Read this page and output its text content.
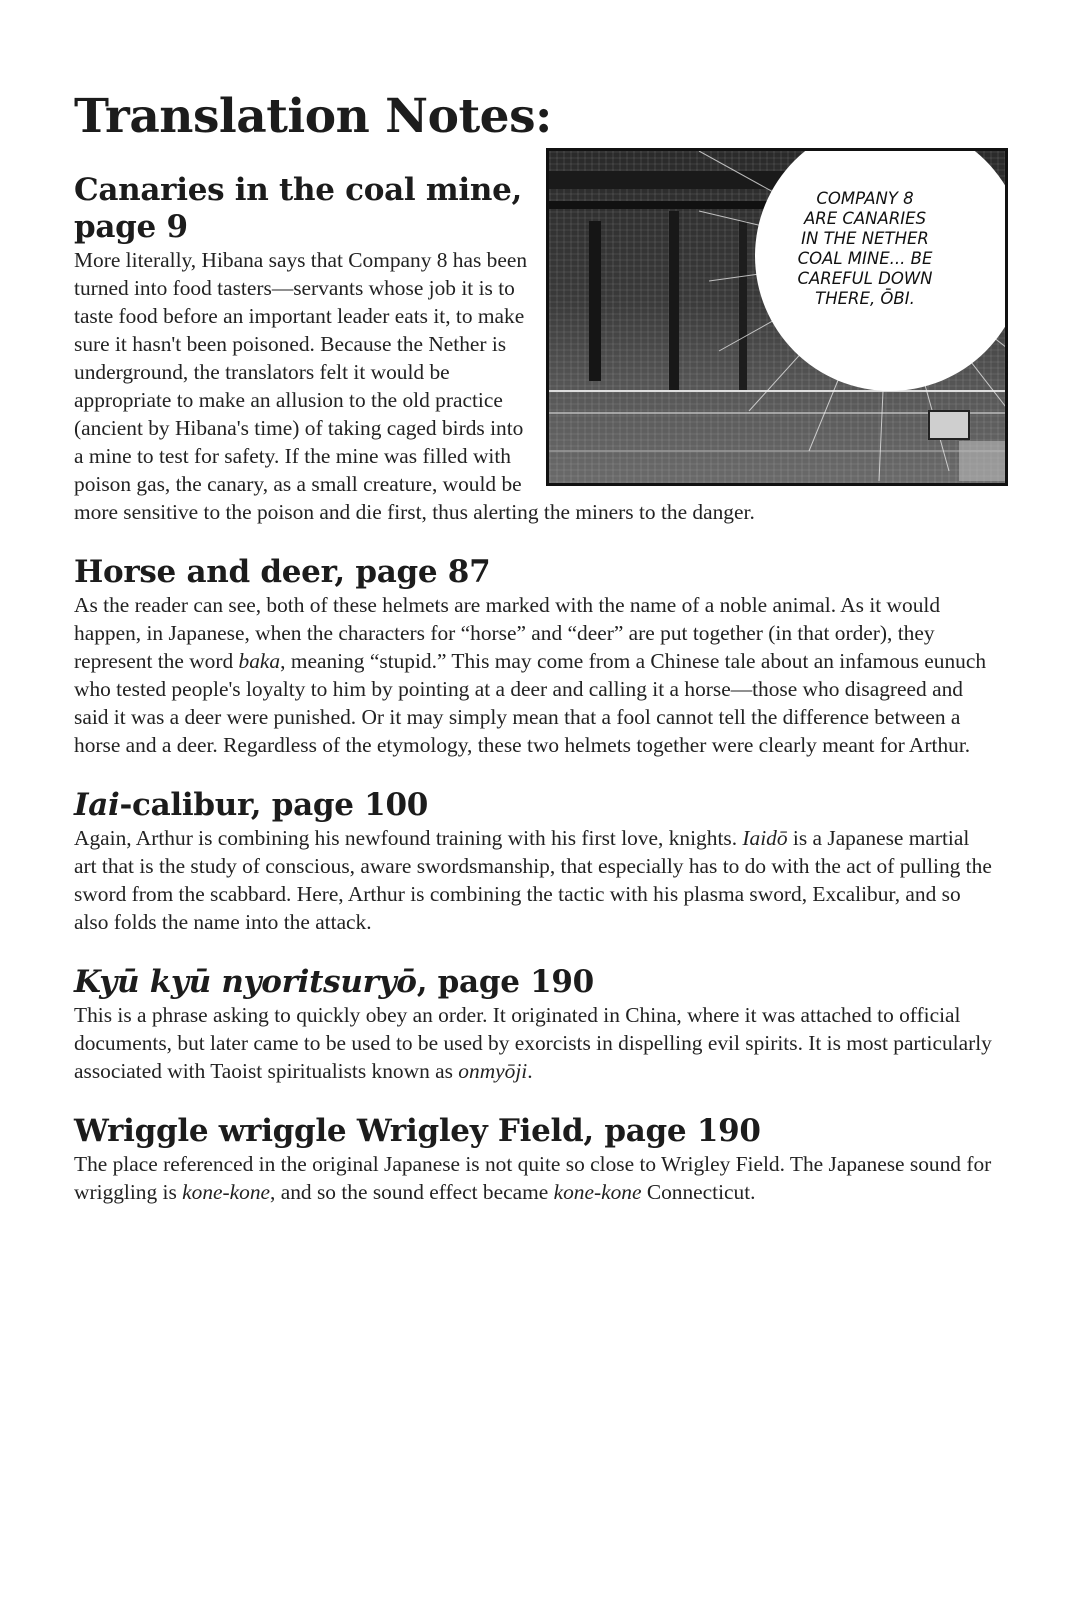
Translation Notes:
COMPANY 8
ARE CANARIES
IN THE NETHER
COAL MINE... BE
CAREFUL DOWN
THERE, ŌBI.
Canaries in the coal mine, page 9

More literally, Hibana says that Company 8 has been turned into food tasters—servants whose job it is to taste food before an important leader eats it, to make sure it hasn't been poisoned. Because the Nether is underground, the translators felt it would be appropriate to make an allusion to the old practice (ancient by Hibana's time) of taking caged birds into a mine to test for safety. If the mine was filled with poison gas, the canary, as a small creature, would be more sensitive to the poison and die first, thus alerting the miners to the danger.

Horse and deer, page 87

As the reader can see, both of these helmets are marked with the name of a noble animal. As it would happen, in Japanese, when the characters for “horse” and “deer” are put together (in that order), they represent the word baka, meaning “stupid.” This may come from a Chinese tale about an infamous eunuch who tested people's loyalty to him by pointing at a deer and calling it a horse—those who disagreed and said it was a deer were punished. Or it may simply mean that a fool cannot tell the difference between a horse and a deer. Regardless of the etymology, these two helmets together were clearly meant for Arthur.

Iai-calibur, page 100

Again, Arthur is combining his newfound training with his first love, knights. Iaidō is a Japanese martial art that is the study of conscious, aware swordsmanship, that especially has to do with the act of pulling the sword from the scabbard. Here, Arthur is combining the tactic with his plasma sword, Excalibur, and so also folds the name into the attack.

Kyū kyū nyoritsuryō, page 190

This is a phrase asking to quickly obey an order. It originated in China, where it was attached to official documents, but later came to be used to be used by exorcists in dispelling evil spirits. It is most particularly associated with Taoist spiritualists known as onmyōji.

Wriggle wriggle Wrigley Field, page 190

The place referenced in the original Japanese is not quite so close to Wrigley Field. The Japanese sound for wriggling is kone-kone, and so the sound effect became kone-kone Connecticut.
